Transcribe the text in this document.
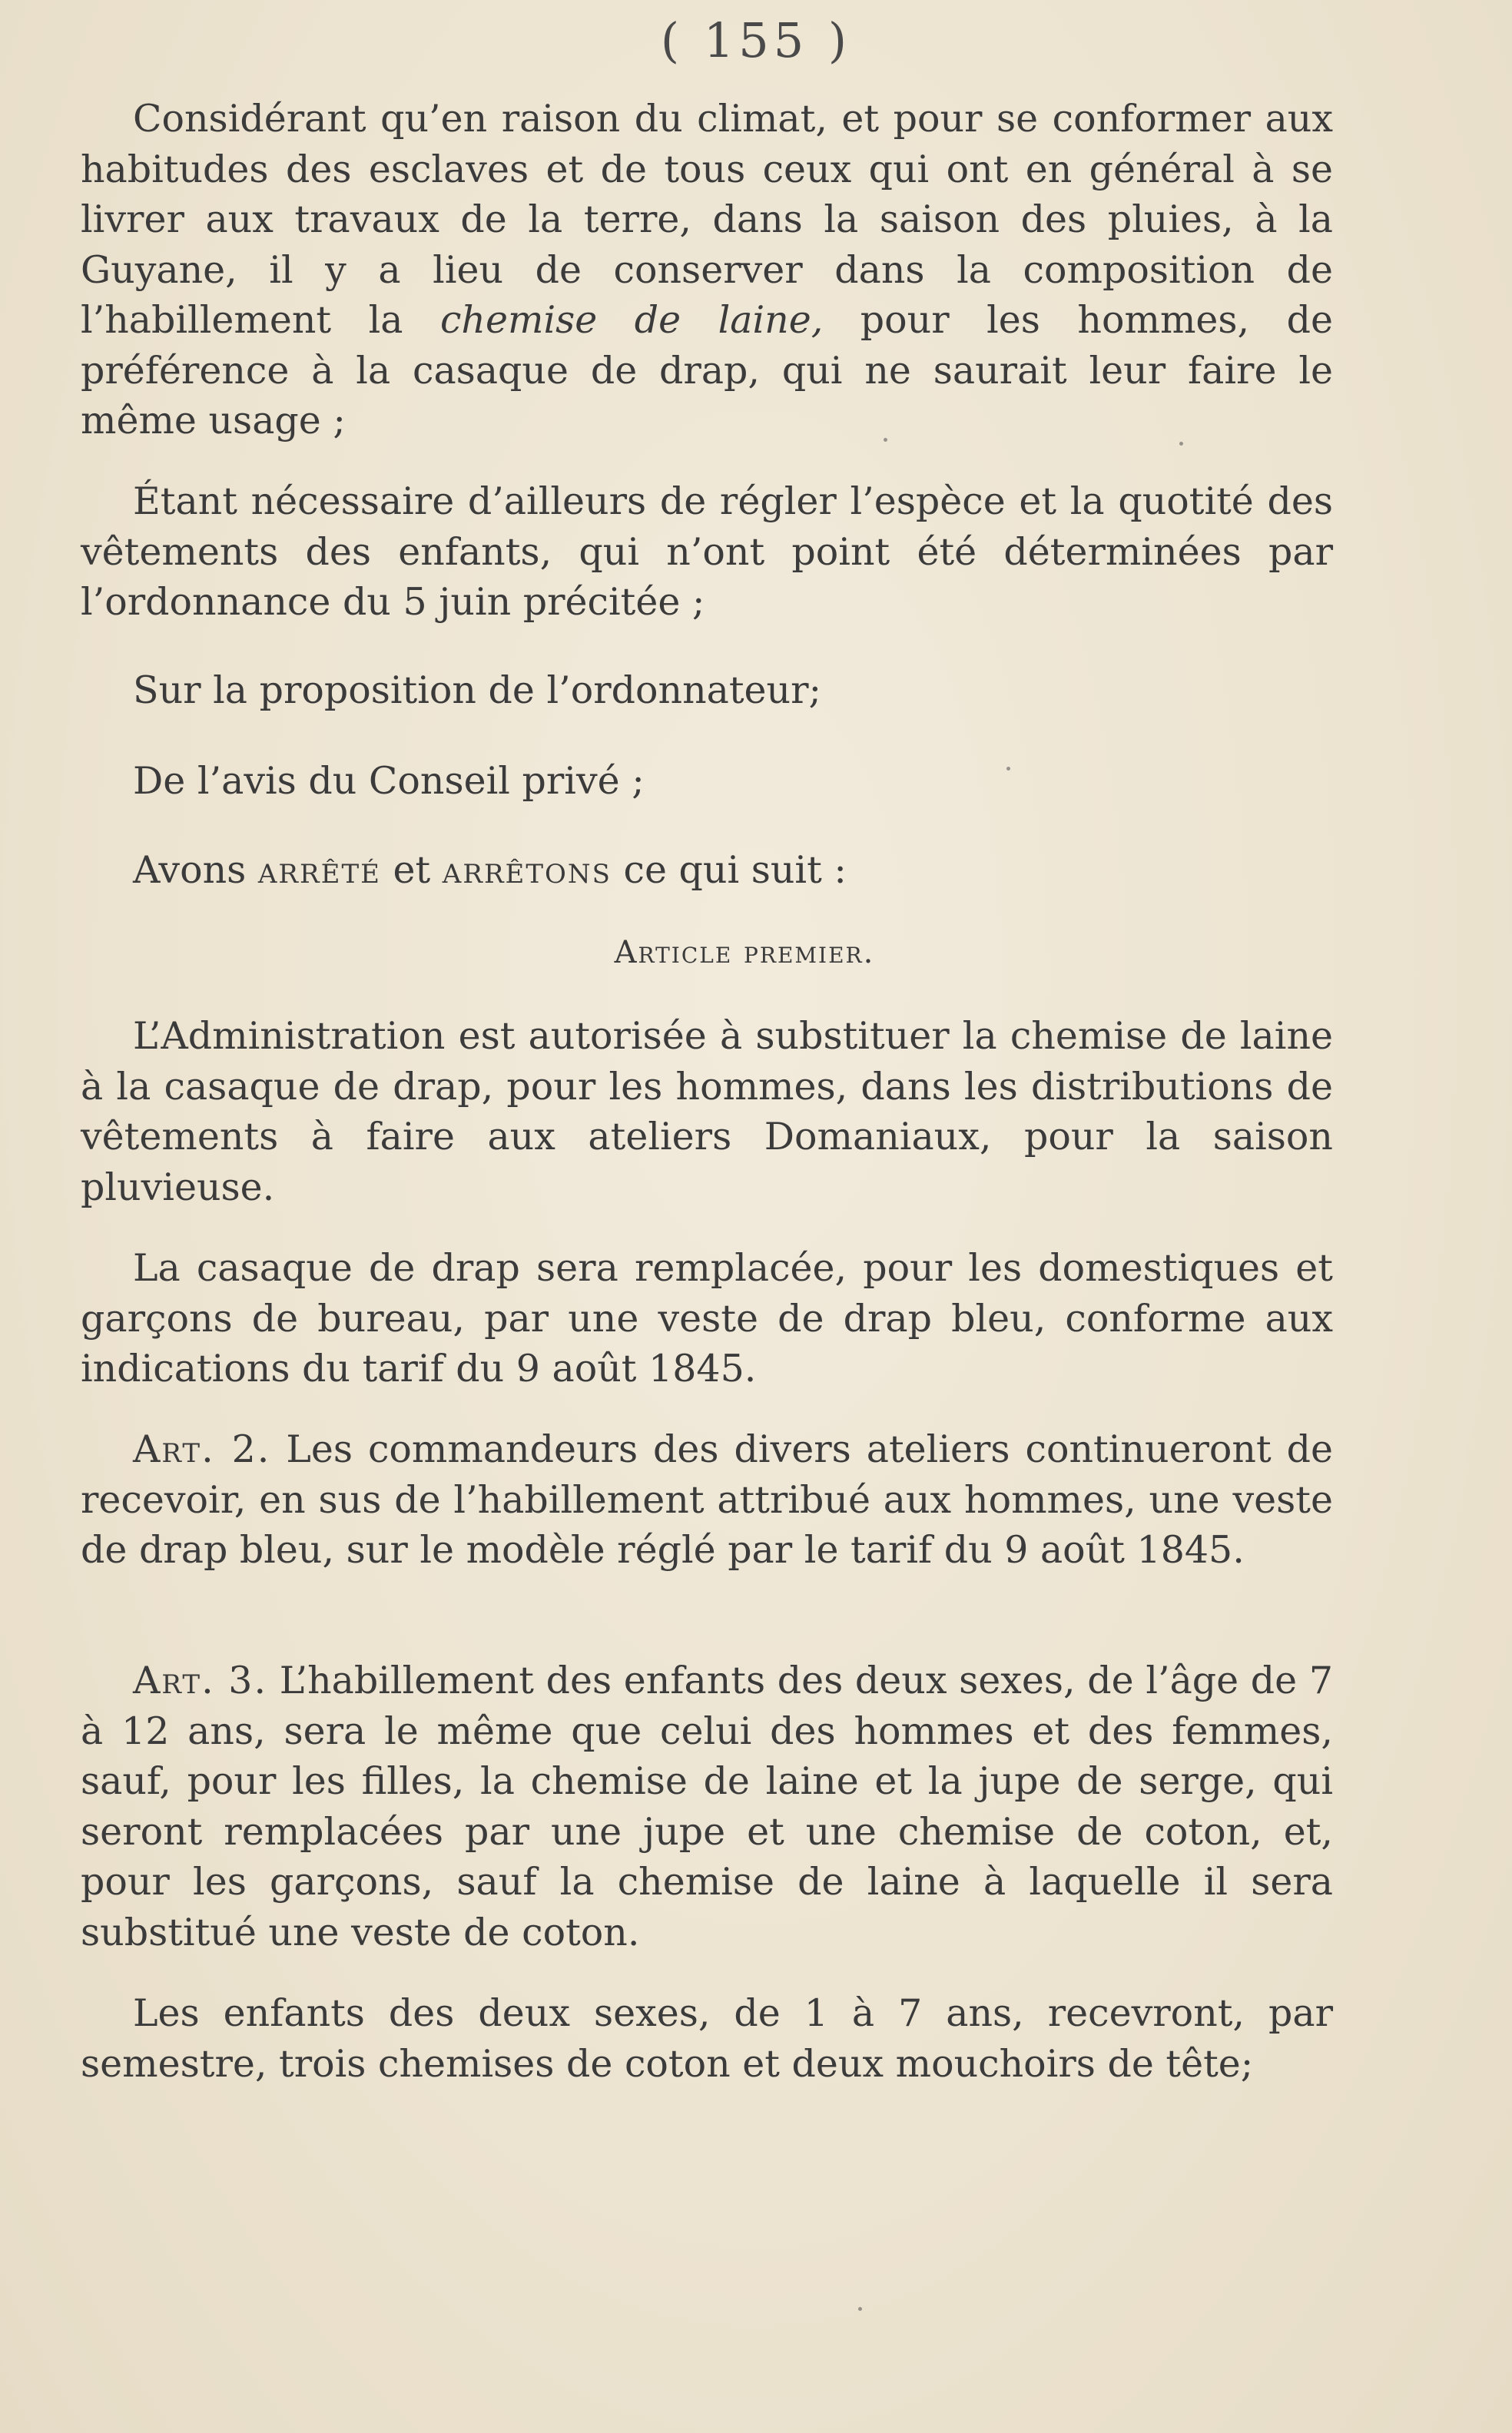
( 155 )

Considérant qu’en raison du climat, et pour se conformer aux habitudes des esclaves et de tous ceux qui ont en général à se livrer aux travaux de la terre, dans la saison des pluies, à la Guyane, il y a lieu de conserver dans la composition de l’habillement la chemise de laine, pour les hommes, de préférence à la casaque de drap, qui ne saurait leur faire le même usage ;

Étant nécessaire d’ailleurs de régler l’espèce et la quotité des vêtements des enfants, qui n’ont point été déterminées par l’ordonnance du 5 juin précitée ;

Sur la proposition de l’ordonnateur;

De l’avis du Conseil privé ;

Avons arrêté et arrêtons ce qui suit :

Article premier.

L’Administration est autorisée à substituer la chemise de laine à la casaque de drap, pour les hommes, dans les distributions de vêtements à faire aux ateliers Domaniaux, pour la saison pluvieuse.

La casaque de drap sera remplacée, pour les domestiques et garçons de bureau, par une veste de drap bleu, conforme aux indications du tarif du 9 août 1845.

Art. 2. Les commandeurs des divers ateliers continueront de recevoir, en sus de l’habillement attribué aux hommes, une veste de drap bleu, sur le modèle réglé par le tarif du 9 août 1845.

Art. 3. L’habillement des enfants des deux sexes, de l’âge de 7 à 12 ans, sera le même que celui des hommes et des femmes, sauf, pour les filles, la chemise de laine et la jupe de serge, qui seront remplacées par une jupe et une chemise de coton, et, pour les garçons, sauf la chemise de laine à laquelle il sera substitué une veste de coton.

Les enfants des deux sexes, de 1 à 7 ans, recevront, par semestre, trois chemises de coton et deux mouchoirs de tête;
